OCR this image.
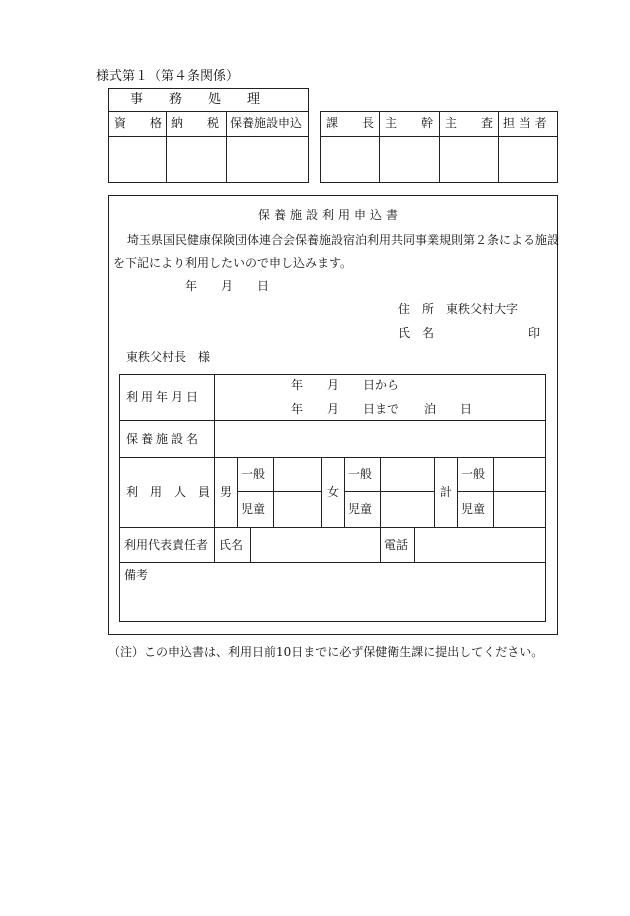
様式第１（第４条関係）
事　　務　　処　　理
資　　格 納　　税 保養施設申込 課　　長 主　　幹 主　　査 担 当 者
保養施設利用申込書
埼玉県国民健康保険団体連合会保養施設宿泊利用共同事業規則第２条による施設
を下記により利用したいので申し込みます。
年　　月　　日
住　所 東秩父村大字
氏　名	印
東秩父村長　様
利用年月日
年　　月　　日から
年　　月　　日まで 泊　　日
保養施設名
利　用　人　員 男
一般
児童
女
一般
児童
計
一般
児童
利用代表責任者 氏名	電話
備考
（注）この申込書は、利用日前10日までに必ず保健衛生課に提出してください。
